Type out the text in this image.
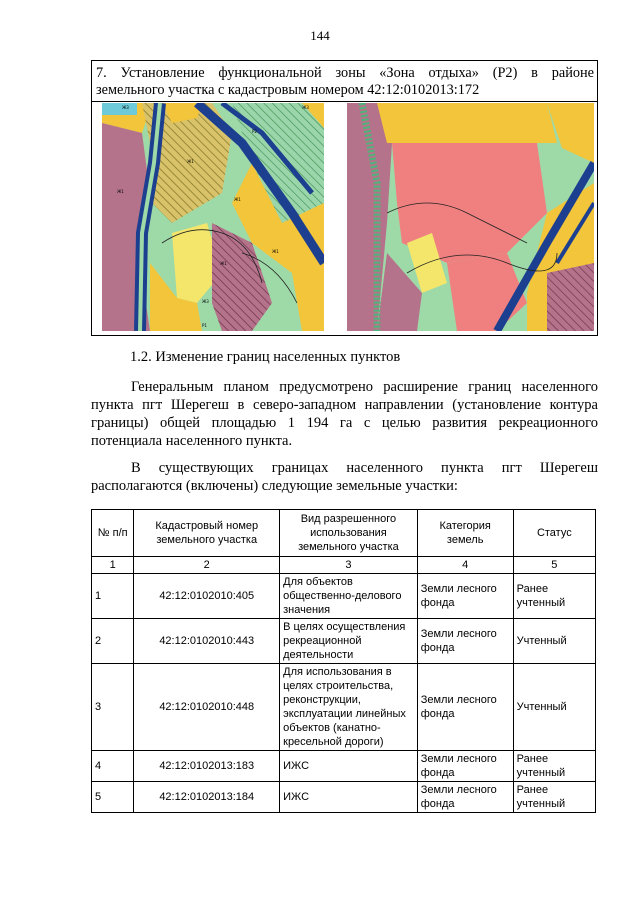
144
7. Установление функциональной зоны «Зона отдыха» (Р2) в районе
земельного участка с кадастровым номером 42:12:0102013:172
Ж3	Ж3
Ж1
Ж1
Ж1
Р2
Ж1
Ж1
Ж3
Р1
1.2. Изменение границ населенных пунктов
Генеральным планом предусмотрено расширение границ населенного
пункта пгт Шерегеш в северо-западном направлении (установление контура
границы) общей площадью 1 194 га с целью развития рекреационного
потенциала населенного пункта.
В существующих границах населенного пункта пгт Шерегеш
располагаются (включены) следующие земельные участки:
№ п/п	Кадастровый номер земельного участка	Вид разрешенного использования земельного участка	Категория земель	Статус
1	2	3	4	5
1	42:12:0102010:405	Для объектов общественно-делового значения	Земли лесного фонда	Ранее учтенный
2	42:12:0102010:443	В целях осуществления рекреационной деятельности	Земли лесного фонда	Учтенный
3	42:12:0102010:448	Для использования в целях строительства, реконструкции, эксплуатации линейных объектов (канатно-кресельной дороги)	Земли лесного фонда	Учтенный
4	42:12:0102013:183	ИЖС	Земли лесного фонда	Ранее учтенный
5	42:12:0102013:184	ИЖС	Земли лесного фонда	Ранее учтенный
